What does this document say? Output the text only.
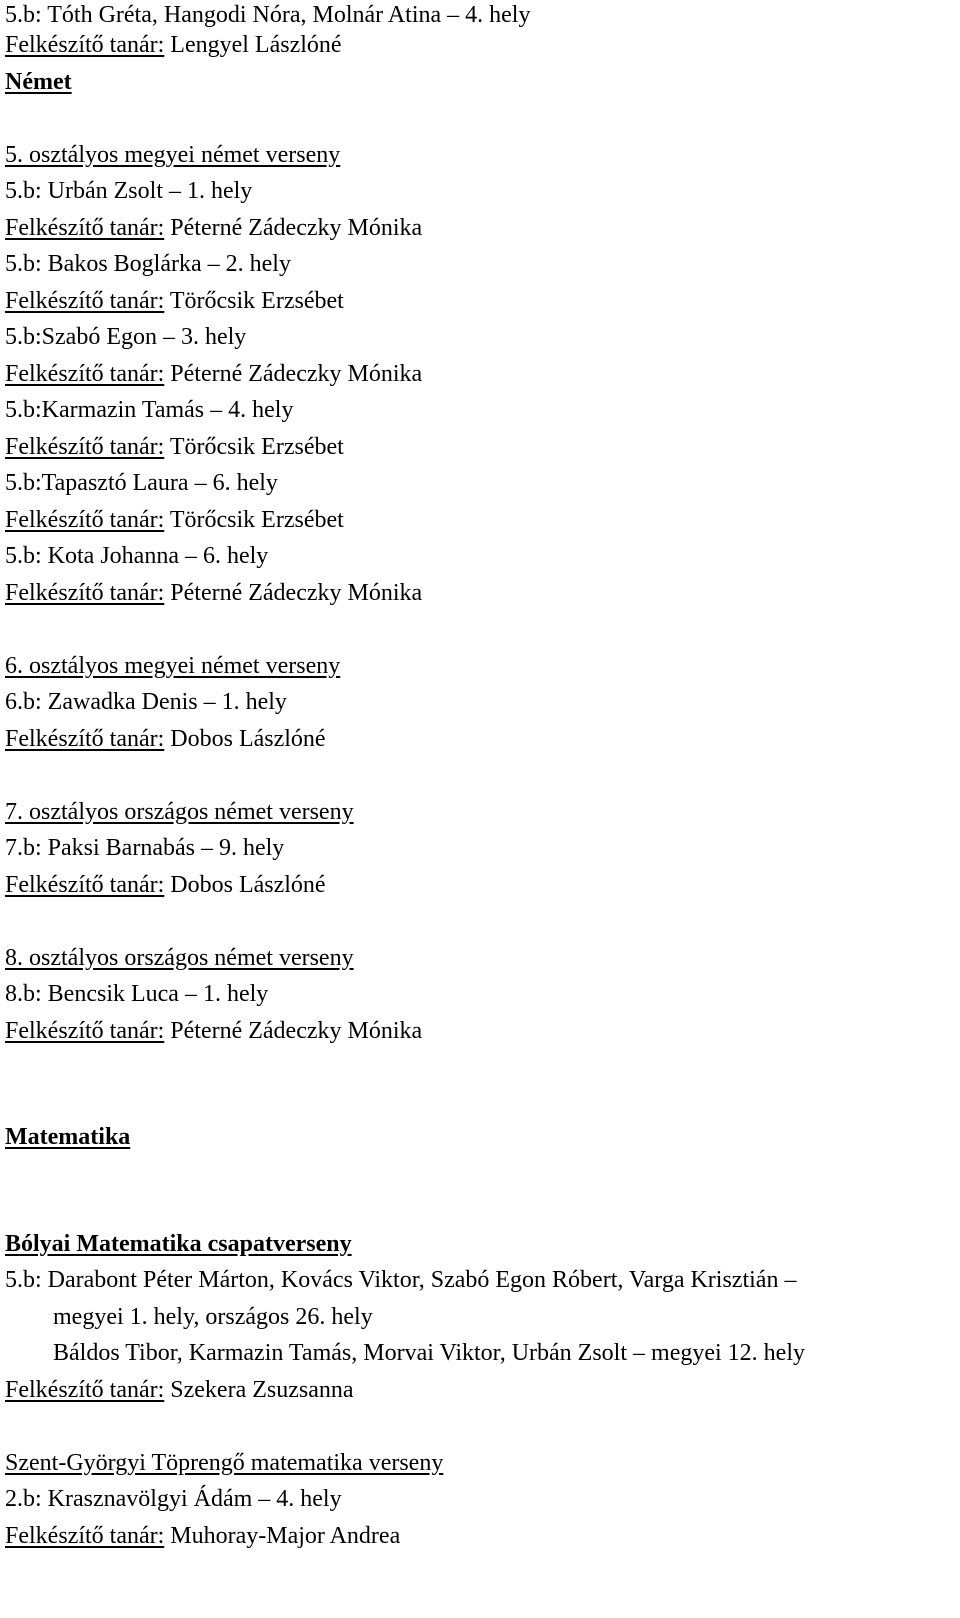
5.b: Tóth Gréta, Hangodi Nóra, Molnár Atina – 4. hely
Felkészítő tanár: Lengyel Lászlóné
Német
5. osztályos megyei német verseny
5.b: Urbán Zsolt – 1. hely
Felkészítő tanár: Péterné Zádeczky Mónika
5.b: Bakos Boglárka – 2. hely
Felkészítő tanár: Törőcsik Erzsébet
5.b:Szabó Egon – 3. hely
Felkészítő tanár: Péterné Zádeczky Mónika
5.b:Karmazin Tamás – 4. hely
Felkészítő tanár: Törőcsik Erzsébet
5.b:Tapasztó Laura – 6. hely
Felkészítő tanár: Törőcsik Erzsébet
5.b: Kota Johanna – 6. hely
Felkészítő tanár: Péterné Zádeczky Mónika
6. osztályos megyei német verseny
6.b: Zawadka Denis – 1. hely
Felkészítő tanár: Dobos Lászlóné
7. osztályos országos német verseny
7.b: Paksi Barnabás – 9. hely
Felkészítő tanár: Dobos Lászlóné
8. osztályos országos német verseny
8.b: Bencsik Luca – 1. hely
Felkészítő tanár: Péterné Zádeczky Mónika
Matematika
Bólyai Matematika csapatverseny
5.b: Darabont Péter Márton, Kovács Viktor, Szabó Egon Róbert, Varga Krisztián –
megyei 1. hely, országos 26. hely
Báldos Tibor, Karmazin Tamás, Morvai Viktor, Urbán Zsolt – megyei 12. hely
Felkészítő tanár: Szekera Zsuzsanna
Szent-Györgyi Töprengő matematika verseny
2.b: Krasznavölgyi Ádám – 4. hely
Felkészítő tanár: Muhoray-Major Andrea
